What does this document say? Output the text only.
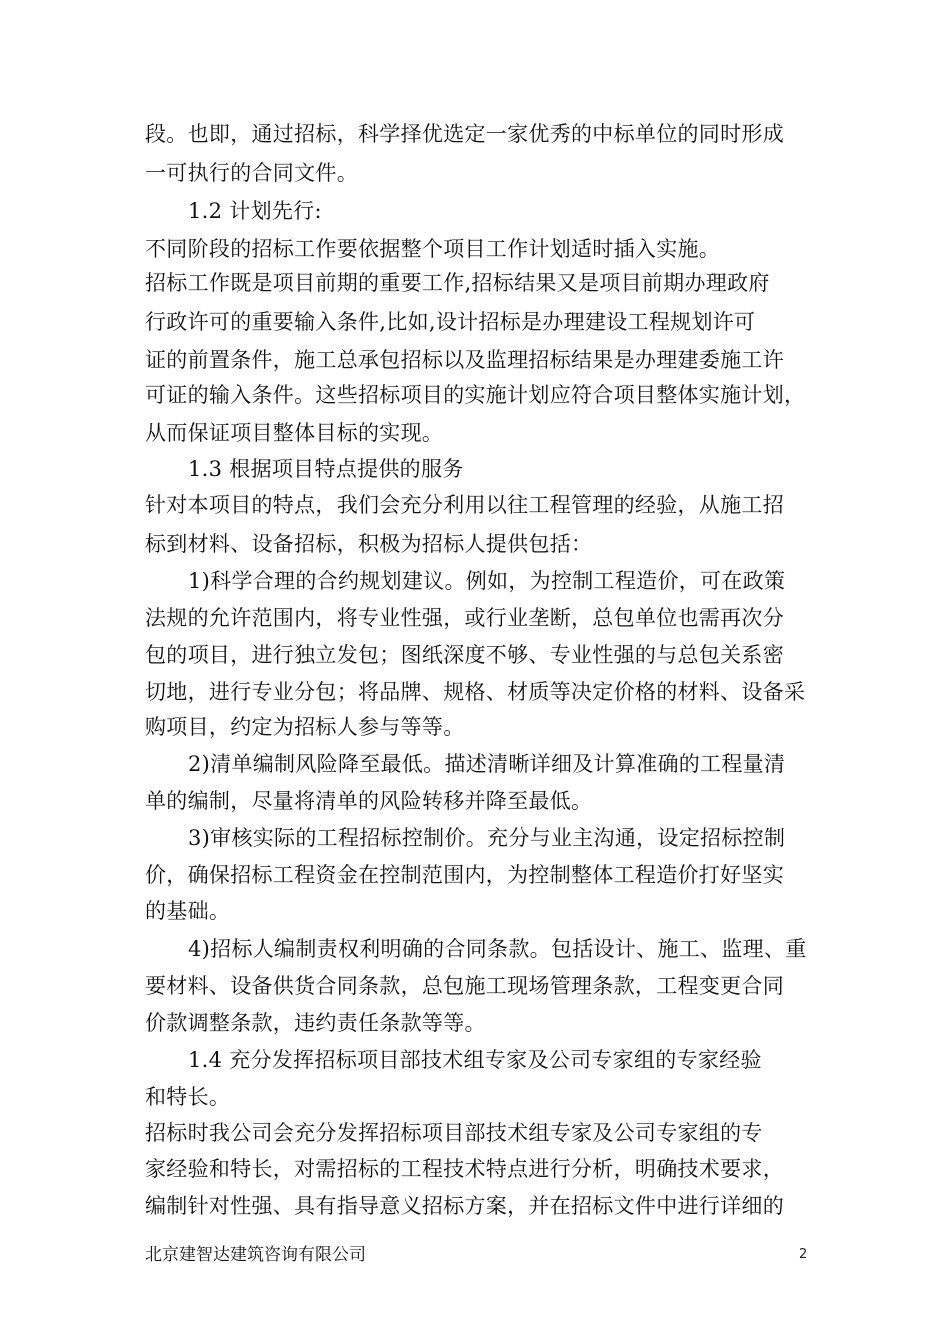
段。也即，通过招标，科学择优选定一家优秀的中标单位的同时形成
一可执行的合同文件。
1.2 计划先行:
不同阶段的招标工作要依据整个项目工作计划适时插入实施。
招标工作既是项目前期的重要工作,招标结果又是项目前期办理政府
行政许可的重要输入条件,比如,设计招标是办理建设工程规划许可
证的前置条件，施工总承包招标以及监理招标结果是办理建委施工许
可证的输入条件。这些招标项目的实施计划应符合项目整体实施计划，
从而保证项目整体目标的实现。
1.3 根据项目特点提供的服务
针对本项目的特点，我们会充分利用以往工程管理的经验，从施工招
标到材料、设备招标，积极为招标人提供包括：
1)科学合理的合约规划建议。例如，为控制工程造价，可在政策
法规的允许范围内，将专业性强，或行业垄断，总包单位也需再次分
包的项目，进行独立发包；图纸深度不够、专业性强的与总包关系密
切地，进行专业分包；将品牌、规格、材质等决定价格的材料、设备采
购项目，约定为招标人参与等等。
2)清单编制风险降至最低。描述清晰详细及计算准确的工程量清
单的编制，尽量将清单的风险转移并降至最低。
3)审核实际的工程招标控制价。充分与业主沟通，设定招标控制
价，确保招标工程资金在控制范围内，为控制整体工程造价打好坚实
的基础。
4)招标人编制责权利明确的合同条款。包括设计、施工、监理、重
要材料、设备供货合同条款，总包施工现场管理条款，工程变更合同
价款调整条款，违约责任条款等等。
1.4 充分发挥招标项目部技术组专家及公司专家组的专家经验
和特长。
招标时我公司会充分发挥招标项目部技术组专家及公司专家组的专
家经验和特长，对需招标的工程技术特点进行分析，明确技术要求，
编制针对性强、具有指导意义招标方案，并在招标文件中进行详细的
北京建智达建筑咨询有限公司	2
